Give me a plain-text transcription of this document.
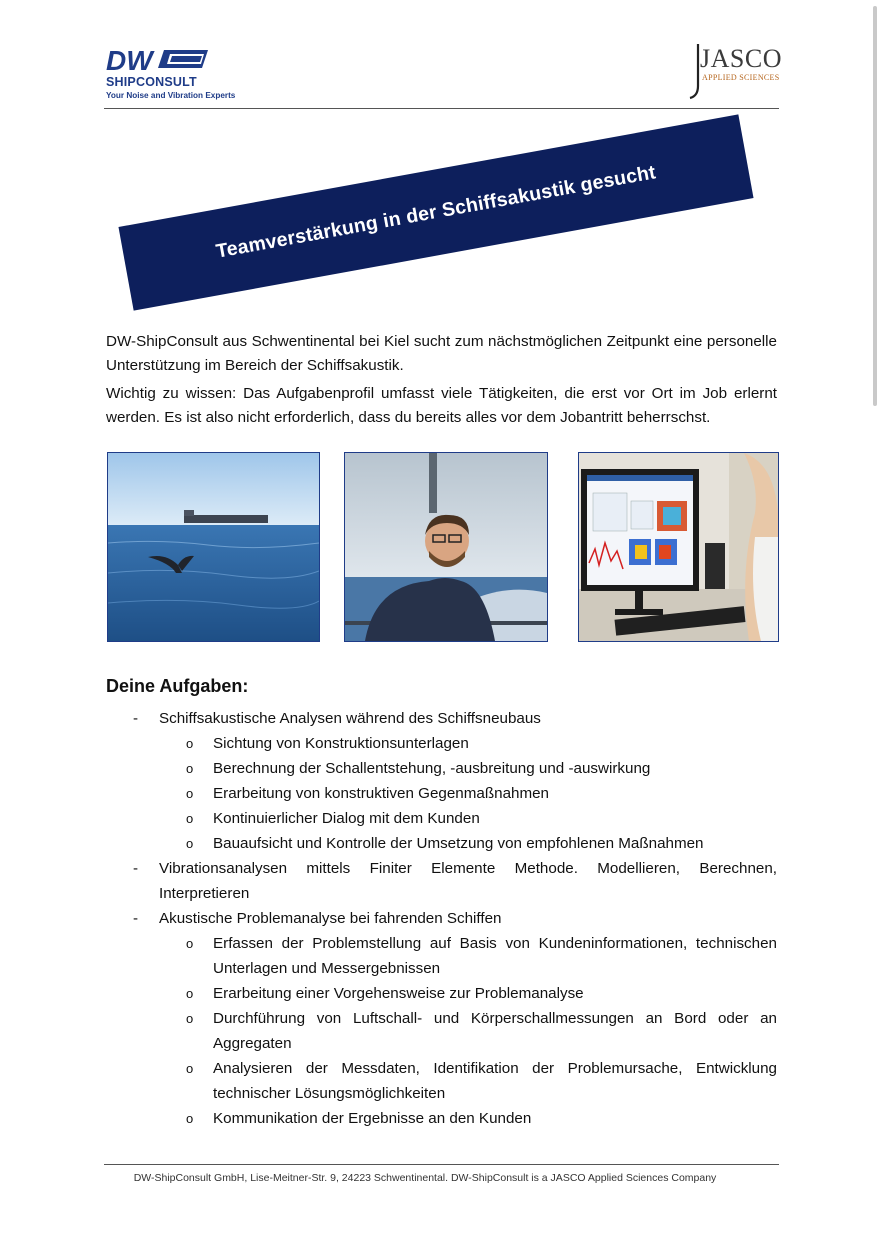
DW
SHIPCONSULT
Your Noise and Vibration Experts
JASCO
APPLIED SCIENCES
Teamverstärkung in der Schiffsakustik gesucht

DW-ShipConsult aus Schwentinental bei Kiel sucht zum nächstmöglichen Zeitpunkt eine personelle Unterstützung im Bereich der Schiffsakustik.

Wichtig zu wissen: Das Aufgabenprofil umfasst viele Tätigkeiten, die erst vor Ort im Job erlernt werden. Es ist also nicht erforderlich, dass du bereits alles vor dem Jobantritt beherrschst.

Deine Aufgaben:
- Schiffsakustische Analysen während des Schiffsneubaus
o Sichtung von Konstruktionsunterlagen
o Berechnung der Schallentstehung, -ausbreitung und -auswirkung
o Erarbeitung von konstruktiven Gegenmaßnahmen
o Kontinuierlicher Dialog mit dem Kunden
o Bauaufsicht und Kontrolle der Umsetzung von empfohlenen Maßnahmen
- Vibrationsanalysen mittels Finiter Elemente Methode. Modellieren, Berechnen, Interpretieren
- Akustische Problemanalyse bei fahrenden Schiffen
o Erfassen der Problemstellung auf Basis von Kundeninformationen, technischen Unterlagen und Messergebnissen
o Erarbeitung einer Vorgehensweise zur Problemanalyse
o Durchführung von Luftschall- und Körperschallmessungen an Bord oder an Aggregaten
o Analysieren der Messdaten, Identifikation der Problemursache, Entwicklung technischer Lösungsmöglichkeiten
o Kommunikation der Ergebnisse an den Kunden
DW-ShipConsult GmbH, Lise-Meitner-Str. 9, 24223 Schwentinental. DW-ShipConsult is a JASCO Applied Sciences Company
